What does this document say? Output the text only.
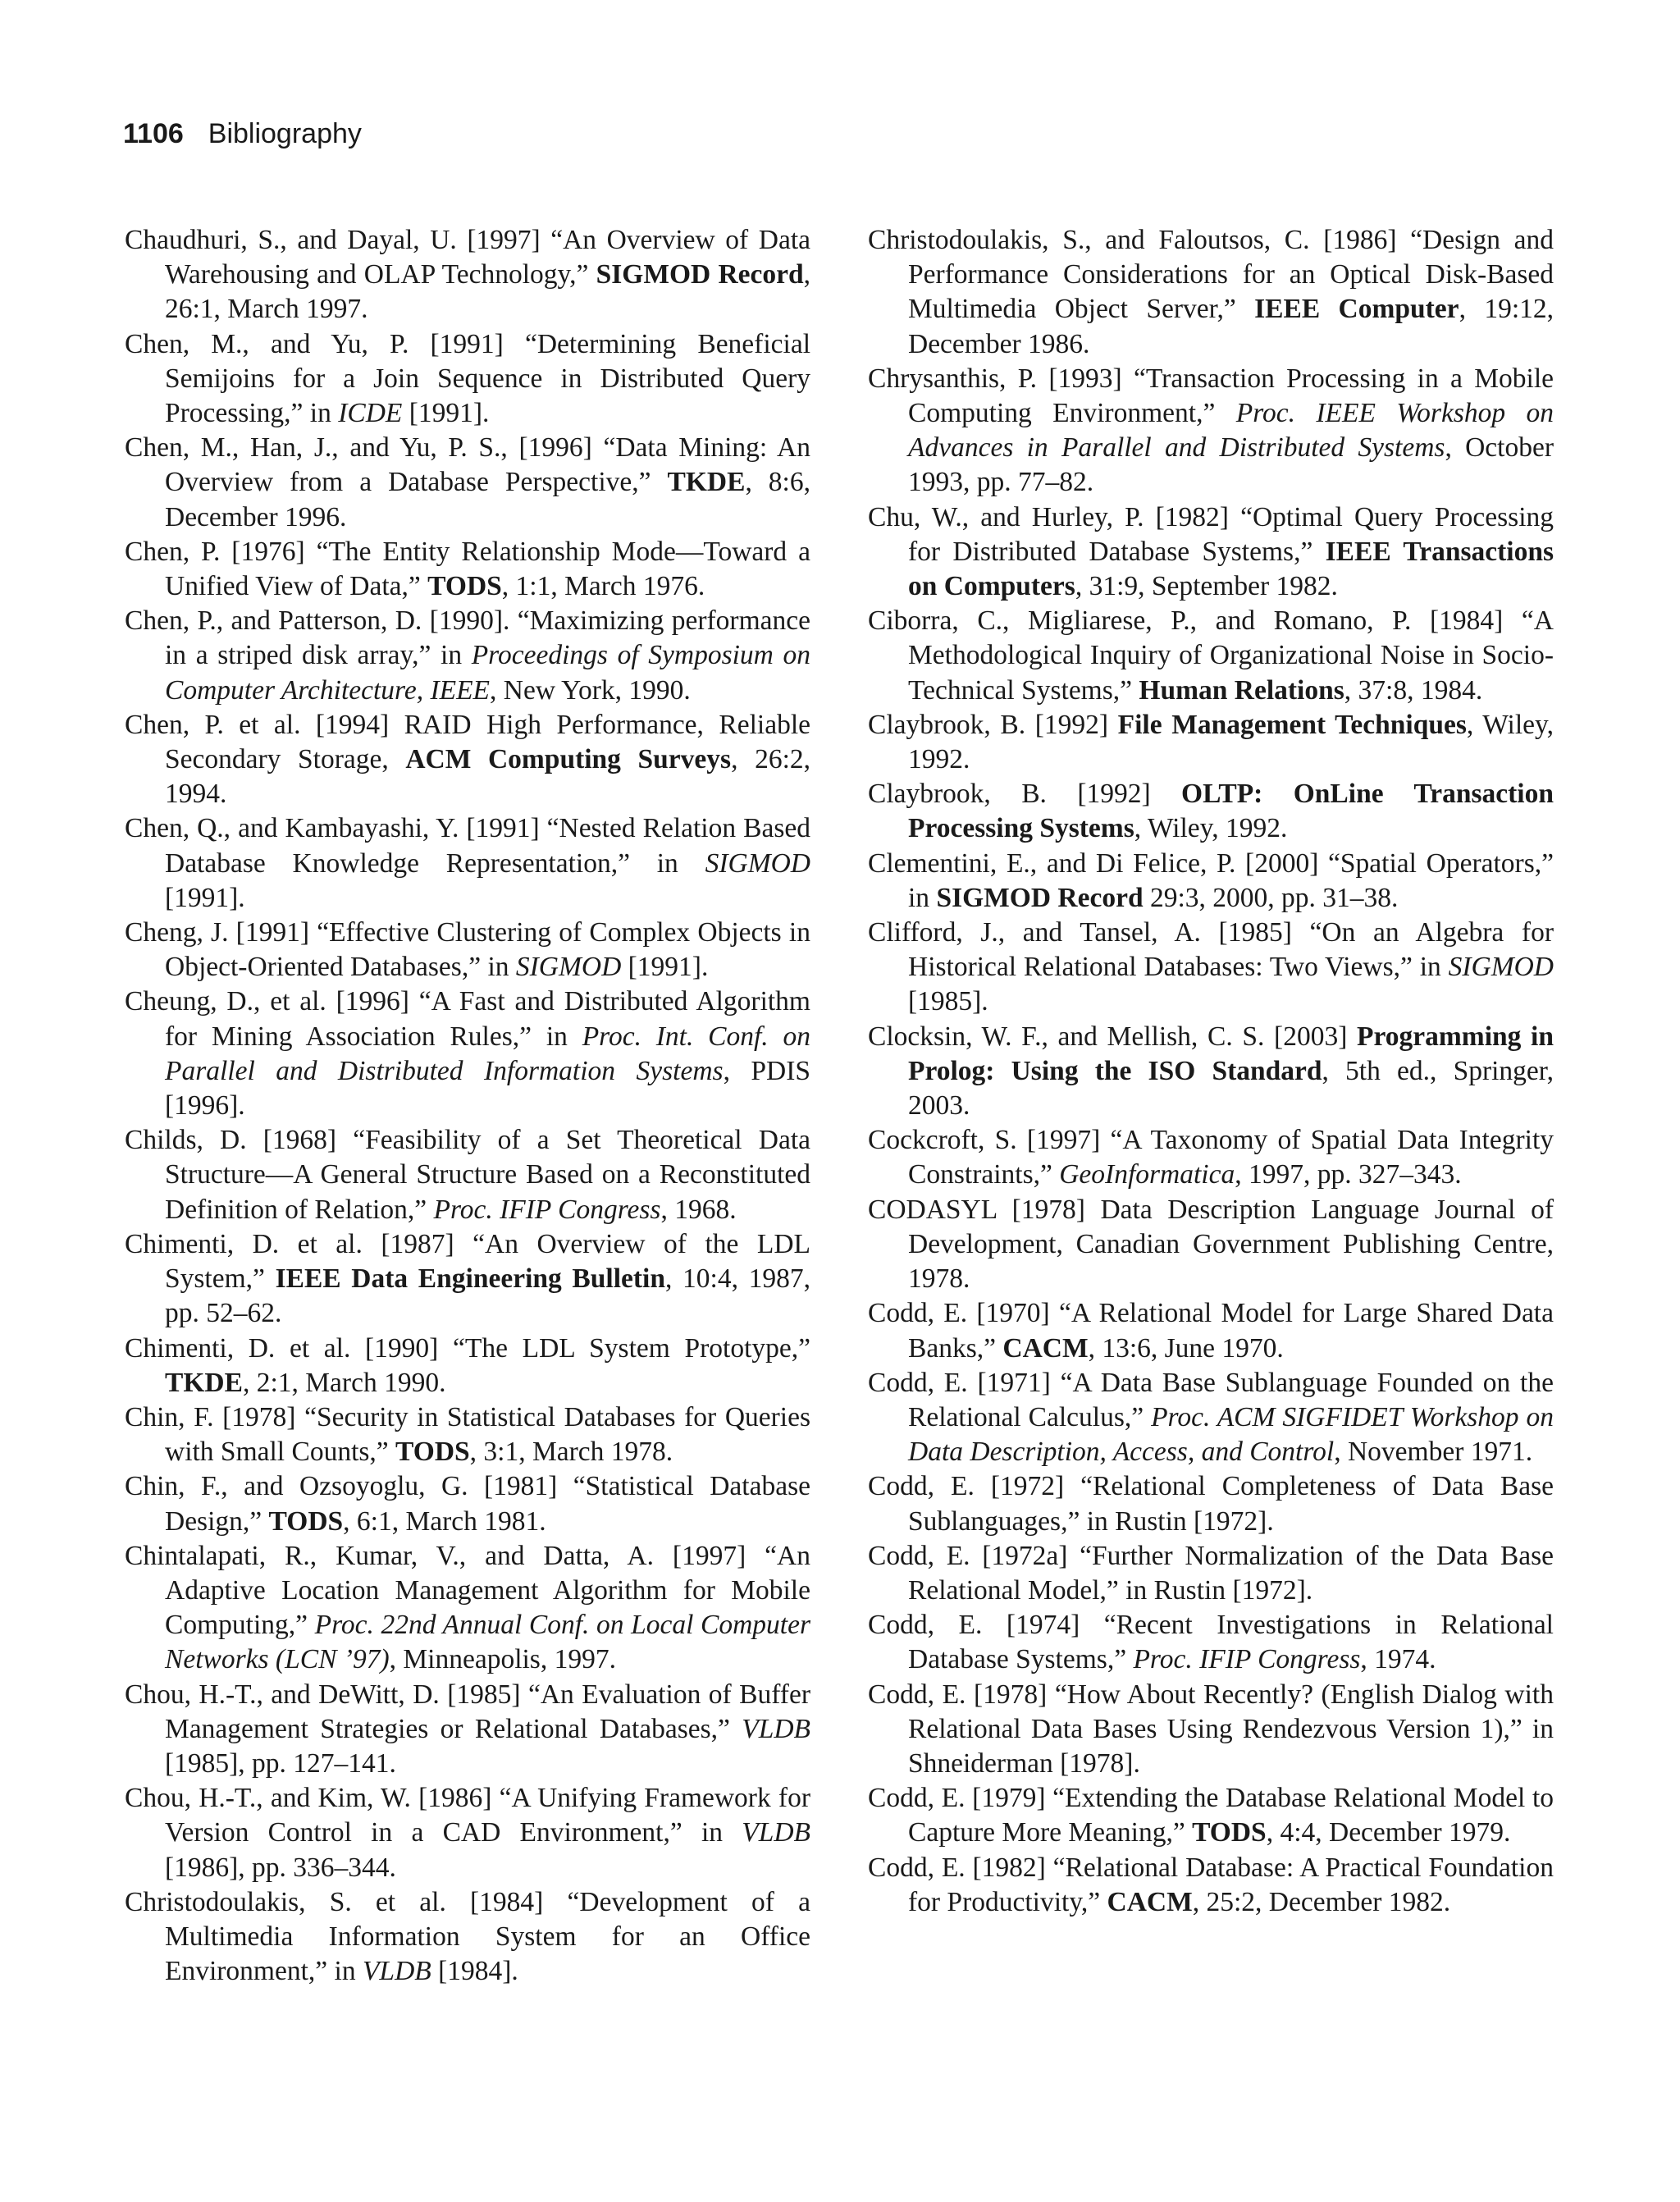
1106 Bibliography

Chaudhuri, S., and Dayal, U. [1997] “An Overview of Data Warehousing and OLAP Technology,” SIGMOD Record, 26:1, March 1997.

Chen, M., and Yu, P. [1991] “Determining Beneficial Semijoins for a Join Sequence in Distributed Query Processing,” in ICDE [1991].

Chen, M., Han, J., and Yu, P. S., [1996] “Data Mining: An Overview from a Database Perspective,” TKDE, 8:6, December 1996.

Chen, P. [1976] “The Entity Relationship Mode—Toward a Unified View of Data,” TODS, 1:1, March 1976.

Chen, P., and Patterson, D. [1990]. “Maximizing performance in a striped disk array,” in Proceedings of Symposium on Computer Architecture, IEEE, New York, 1990.

Chen, P. et al. [1994] RAID High Performance, Reliable Secondary Storage, ACM Computing Surveys, 26:2, 1994.

Chen, Q., and Kambayashi, Y. [1991] “Nested Relation Based Database Knowledge Representation,” in SIGMOD [1991].

Cheng, J. [1991] “Effective Clustering of Complex Objects in Object-Oriented Databases,” in SIGMOD [1991].

Cheung, D., et al. [1996] “A Fast and Distributed Algorithm for Mining Association Rules,” in Proc. Int. Conf. on Parallel and Distributed Information Systems, PDIS [1996].

Childs, D. [1968] “Feasibility of a Set Theoretical Data Structure—A General Structure Based on a Reconstituted Definition of Relation,” Proc. IFIP Congress, 1968.

Chimenti, D. et al. [1987] “An Overview of the LDL System,” IEEE Data Engineering Bulletin, 10:4, 1987, pp. 52–62.

Chimenti, D. et al. [1990] “The LDL System Prototype,” TKDE, 2:1, March 1990.

Chin, F. [1978] “Security in Statistical Databases for Queries with Small Counts,” TODS, 3:1, March 1978.

Chin, F., and Ozsoyoglu, G. [1981] “Statistical Database Design,” TODS, 6:1, March 1981.

Chintalapati, R., Kumar, V., and Datta, A. [1997] “An Adaptive Location Management Algorithm for Mobile Computing,” Proc. 22nd Annual Conf. on Local Computer Networks (LCN ’97), Minneapolis, 1997.

Chou, H.-T., and DeWitt, D. [1985] “An Evaluation of Buffer Management Strategies or Relational Databases,” VLDB [1985], pp. 127–141.

Chou, H.-T., and Kim, W. [1986] “A Unifying Framework for Version Control in a CAD Environment,” in VLDB [1986], pp. 336–344.

Christodoulakis, S. et al. [1984] “Development of a Multimedia Information System for an Office Environment,” in VLDB [1984].

Christodoulakis, S., and Faloutsos, C. [1986] “Design and Performance Considerations for an Optical Disk-Based Multimedia Object Server,” IEEE Computer, 19:12, December 1986.

Chrysanthis, P. [1993] “Transaction Processing in a Mobile Computing Environment,” Proc. IEEE Workshop on Advances in Parallel and Distributed Systems, October 1993, pp. 77–82.

Chu, W., and Hurley, P. [1982] “Optimal Query Processing for Distributed Database Systems,” IEEE Transactions on Computers, 31:9, September 1982.

Ciborra, C., Migliarese, P., and Romano, P. [1984] “A Methodological Inquiry of Organizational Noise in Socio-Technical Systems,” Human Relations, 37:8, 1984.

Claybrook, B. [1992] File Management Techniques, Wiley, 1992.

Claybrook, B. [1992] OLTP: OnLine Transaction Processing Systems, Wiley, 1992.

Clementini, E., and Di Felice, P. [2000] “Spatial Operators,” in SIGMOD Record 29:3, 2000, pp. 31–38.

Clifford, J., and Tansel, A. [1985] “On an Algebra for Historical Relational Databases: Two Views,” in SIGMOD [1985].

Clocksin, W. F., and Mellish, C. S. [2003] Programming in Prolog: Using the ISO Standard, 5th ed., Springer, 2003.

Cockcroft, S. [1997] “A Taxonomy of Spatial Data Integrity Constraints,” GeoInformatica, 1997, pp. 327–343.

CODASYL [1978] Data Description Language Journal of Development, Canadian Government Publishing Centre, 1978.

Codd, E. [1970] “A Relational Model for Large Shared Data Banks,” CACM, 13:6, June 1970.

Codd, E. [1971] “A Data Base Sublanguage Founded on the Relational Calculus,” Proc. ACM SIGFIDET Workshop on Data Description, Access, and Control, November 1971.

Codd, E. [1972] “Relational Completeness of Data Base Sublanguages,” in Rustin [1972].

Codd, E. [1972a] “Further Normalization of the Data Base Relational Model,” in Rustin [1972].

Codd, E. [1974] “Recent Investigations in Relational Database Systems,” Proc. IFIP Congress, 1974.

Codd, E. [1978] “How About Recently? (English Dialog with Relational Data Bases Using Rendezvous Version 1),” in Shneiderman [1978].

Codd, E. [1979] “Extending the Database Relational Model to Capture More Meaning,” TODS, 4:4, December 1979.

Codd, E. [1982] “Relational Database: A Practical Foundation for Productivity,” CACM, 25:2, December 1982.
